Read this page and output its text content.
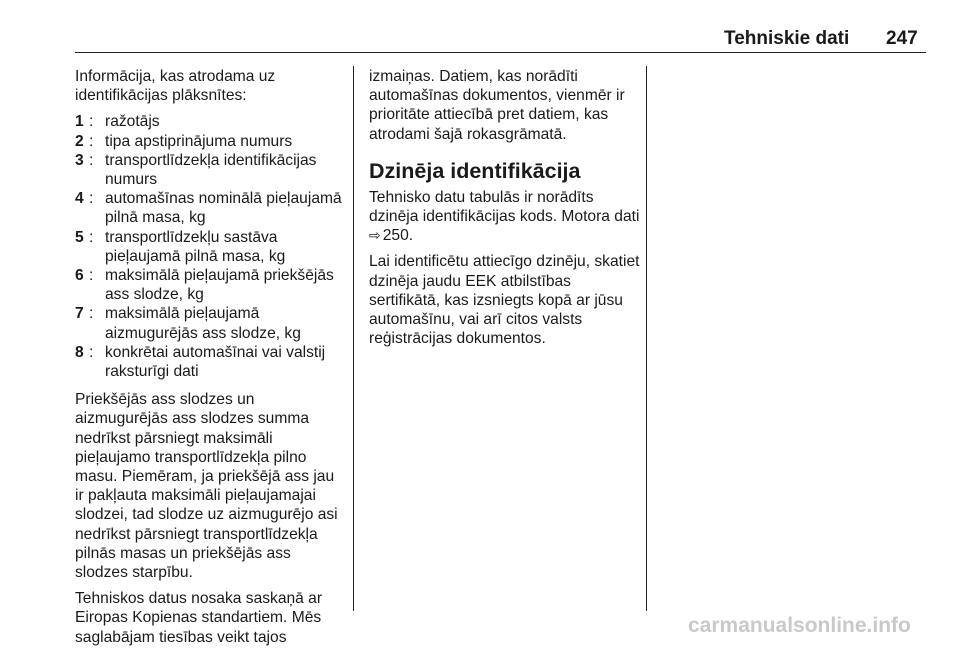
Tehniskie dati 247

Informācija, kas atrodama uz identifikācijas plāksnītes:

1 : ražotājs
2 : tipa apstiprinājuma numurs
3 : transportlīdzekļa identifikācijas numurs
4 : automašīnas nominālā pieļaujamā pilnā masa, kg
5 : transportlīdzekļu sastāva pieļaujamā pilnā masa, kg
6 : maksimālā pieļaujamā priekšējās ass slodze, kg
7 : maksimālā pieļaujamā aizmugurējās ass slodze, kg
8 : konkrētai automašīnai vai valstij raksturīgi dati

Priekšējās ass slodzes un aizmugurējās ass slodzes summa nedrīkst pārsniegt maksimāli pieļaujamo transportlīdzekļa pilno masu. Piemēram, ja priekšējā ass jau ir pakļauta maksimāli pieļaujamajai slodzei, tad slodze uz aizmugurējo asi nedrīkst pārsniegt transportlīdzekļa pilnās masas un priekšējās ass slodzes starpību.

Tehniskos datus nosaka saskaņā ar Eiropas Kopienas standartiem. Mēs saglabājam tiesības veikt tajos

izmaiņas. Datiem, kas norādīti automašīnas dokumentos, vienmēr ir prioritāte attiecībā pret datiem, kas atrodami šajā rokasgrāmatā.

Dzinēja identifikācija

Tehnisko datu tabulās ir norādīts dzinēja identifikācijas kods. Motora dati ⇨ 250.

Lai identificētu attiecīgo dzinēju, skatiet dzinēja jaudu EEK atbilstības sertifikātā, kas izsniegts kopā ar jūsu automašīnu, vai arī citos valsts reģistrācijas dokumentos.

carmanualsonline.info
